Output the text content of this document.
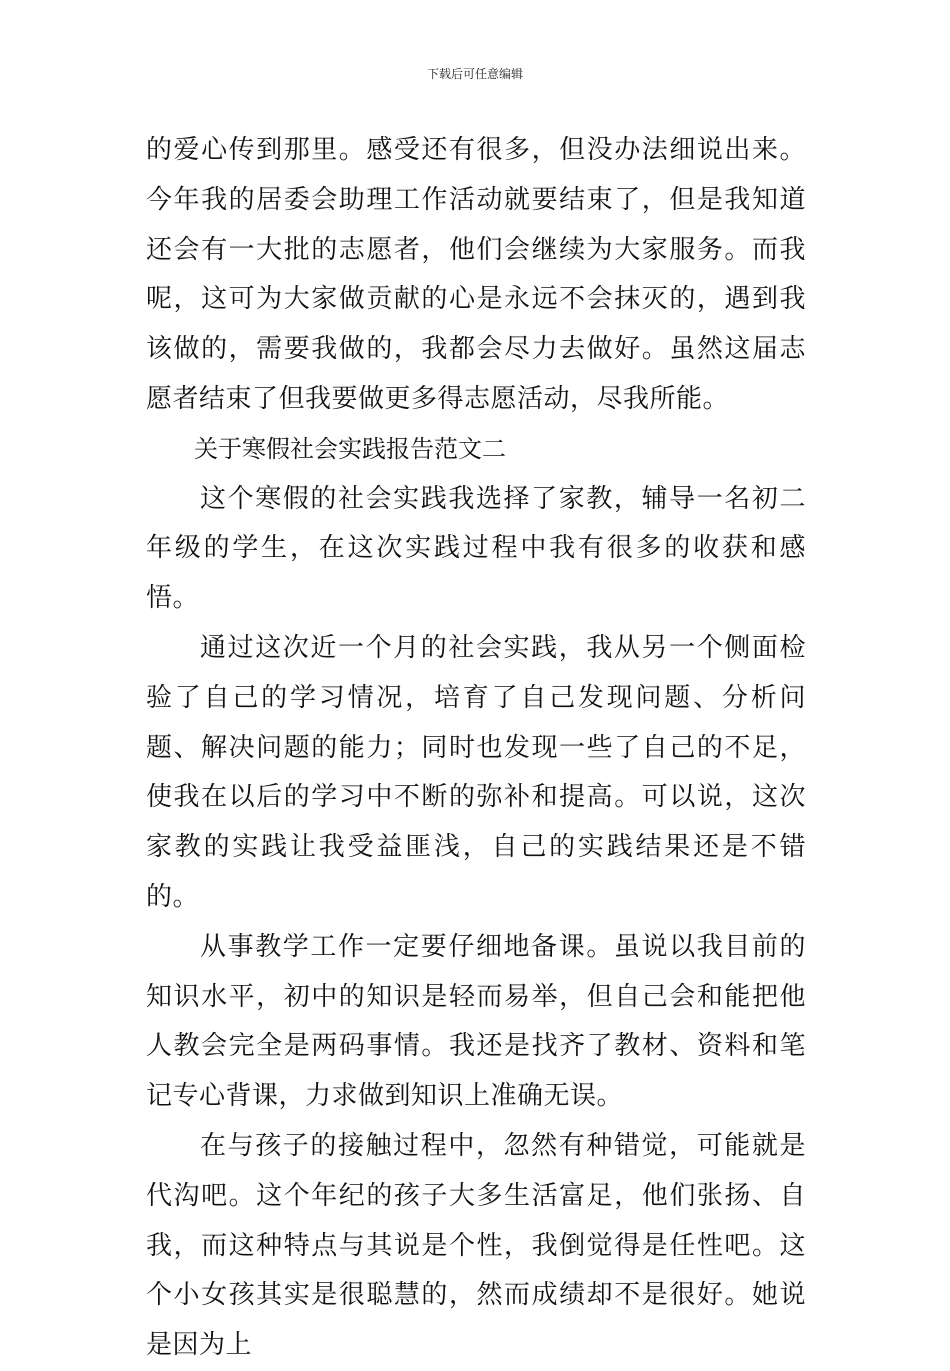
下载后可任意编辑

的爱心传到那里。感受还有很多，但没办法细说出来。今年我的居委会助理工作活动就要结束了，但是我知道还会有一大批的志愿者，他们会继续为大家服务。而我呢，这可为大家做贡献的心是永远不会抹灭的，遇到我该做的，需要我做的，我都会尽力去做好。虽然这届志愿者结束了但我要做更多得志愿活动，尽我所能。

关于寒假社会实践报告范文二

这个寒假的社会实践我选择了家教，辅导一名初二年级的学生，在这次实践过程中我有很多的收获和感悟。

通过这次近一个月的社会实践，我从另一个侧面检验了自己的学习情况，培育了自己发现问题、分析问题、解决问题的能力；同时也发现一些了自己的不足，使我在以后的学习中不断的弥补和提高。可以说，这次家教的实践让我受益匪浅，自己的实践结果还是不错的。

从事教学工作一定要仔细地备课。虽说以我目前的知识水平，初中的知识是轻而易举，但自己会和能把他人教会完全是两码事情。我还是找齐了教材、资料和笔记专心背课，力求做到知识上准确无误。

在与孩子的接触过程中，忽然有种错觉，可能就是代沟吧。这个年纪的孩子大多生活富足，他们张扬、自我，而这种特点与其说是个性，我倒觉得是任性吧。这个小女孩其实是很聪慧的，然而成绩却不是很好。她说是因为上
